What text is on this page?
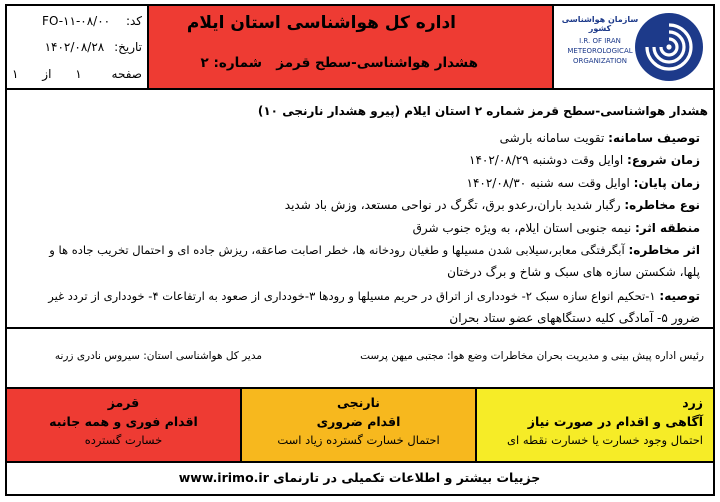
اداره کل هواشناسی استان ایلام
هشدار هواشناسی-سطح قرمز
شماره: ۲
سازمان هواشناسی کشور
I.R. OF IRAN
METEOROLOGICAL
ORGANIZATION
کد: FO-۱۱-۰۸/۰۰
تاریخ: ۱۴۰۲/۰۸/۲۸
صفحه ۱ از ۱
هشدار هواشناسی-سطح قرمز شماره ۲ استان ایلام (پیرو هشدار نارنجی ۱۰)
توصیف سامانه: تقویت سامانه بارشی
زمان شروع: اوایل وقت دوشنبه ۱۴۰۲/۰۸/۲۹
زمان پایان: اوایل وقت سه شنبه ۱۴۰۲/۰۸/۳۰
نوع مخاطره: رگبار شدید باران،رعدو برق، تگرگ در نواحی مستعد، وزش باد شدید
منطقه اثر: نیمه جنوبی استان ایلام، به ویژه جنوب شرق
اثر مخاطره: آبگرفتگی معابر،سیلابی شدن مسیلها و طغیان رودخانه ها، خطر اصابت صاعقه، ریزش جاده ای و احتمال تخریب جاده ها و
پلها، شکستن سازه های سبک و شاخ و برگ درختان
توصیه: ۱-تحکیم انواع سازه سبک ۲- خودداری از اتراق در حریم مسیلها و رودها ۳-خودداری از صعود به ارتفاعات ۴- خودداری از تردد غیر
ضرور ۵- آمادگی کلیه دستگاههای عضو ستاد بحران
رئیس اداره پیش بینی و مدیریت بحران مخاطرات وضع هوا: مجتبی میهن پرست
مدیر کل هواشناسی استان: سیروس نادری زرنه
زرد
آگاهی و اقدام در صورت نیاز
احتمال وجود خسارت یا خسارت نقطه ای
نارنجی
اقدام ضروری
احتمال خسارت گسترده زیاد است
قرمز
اقدام فوری و همه جانبه
خسارت گسترده
جزییات بیشتر و اطلاعات تکمیلی در تارنمای www.irimo.ir
